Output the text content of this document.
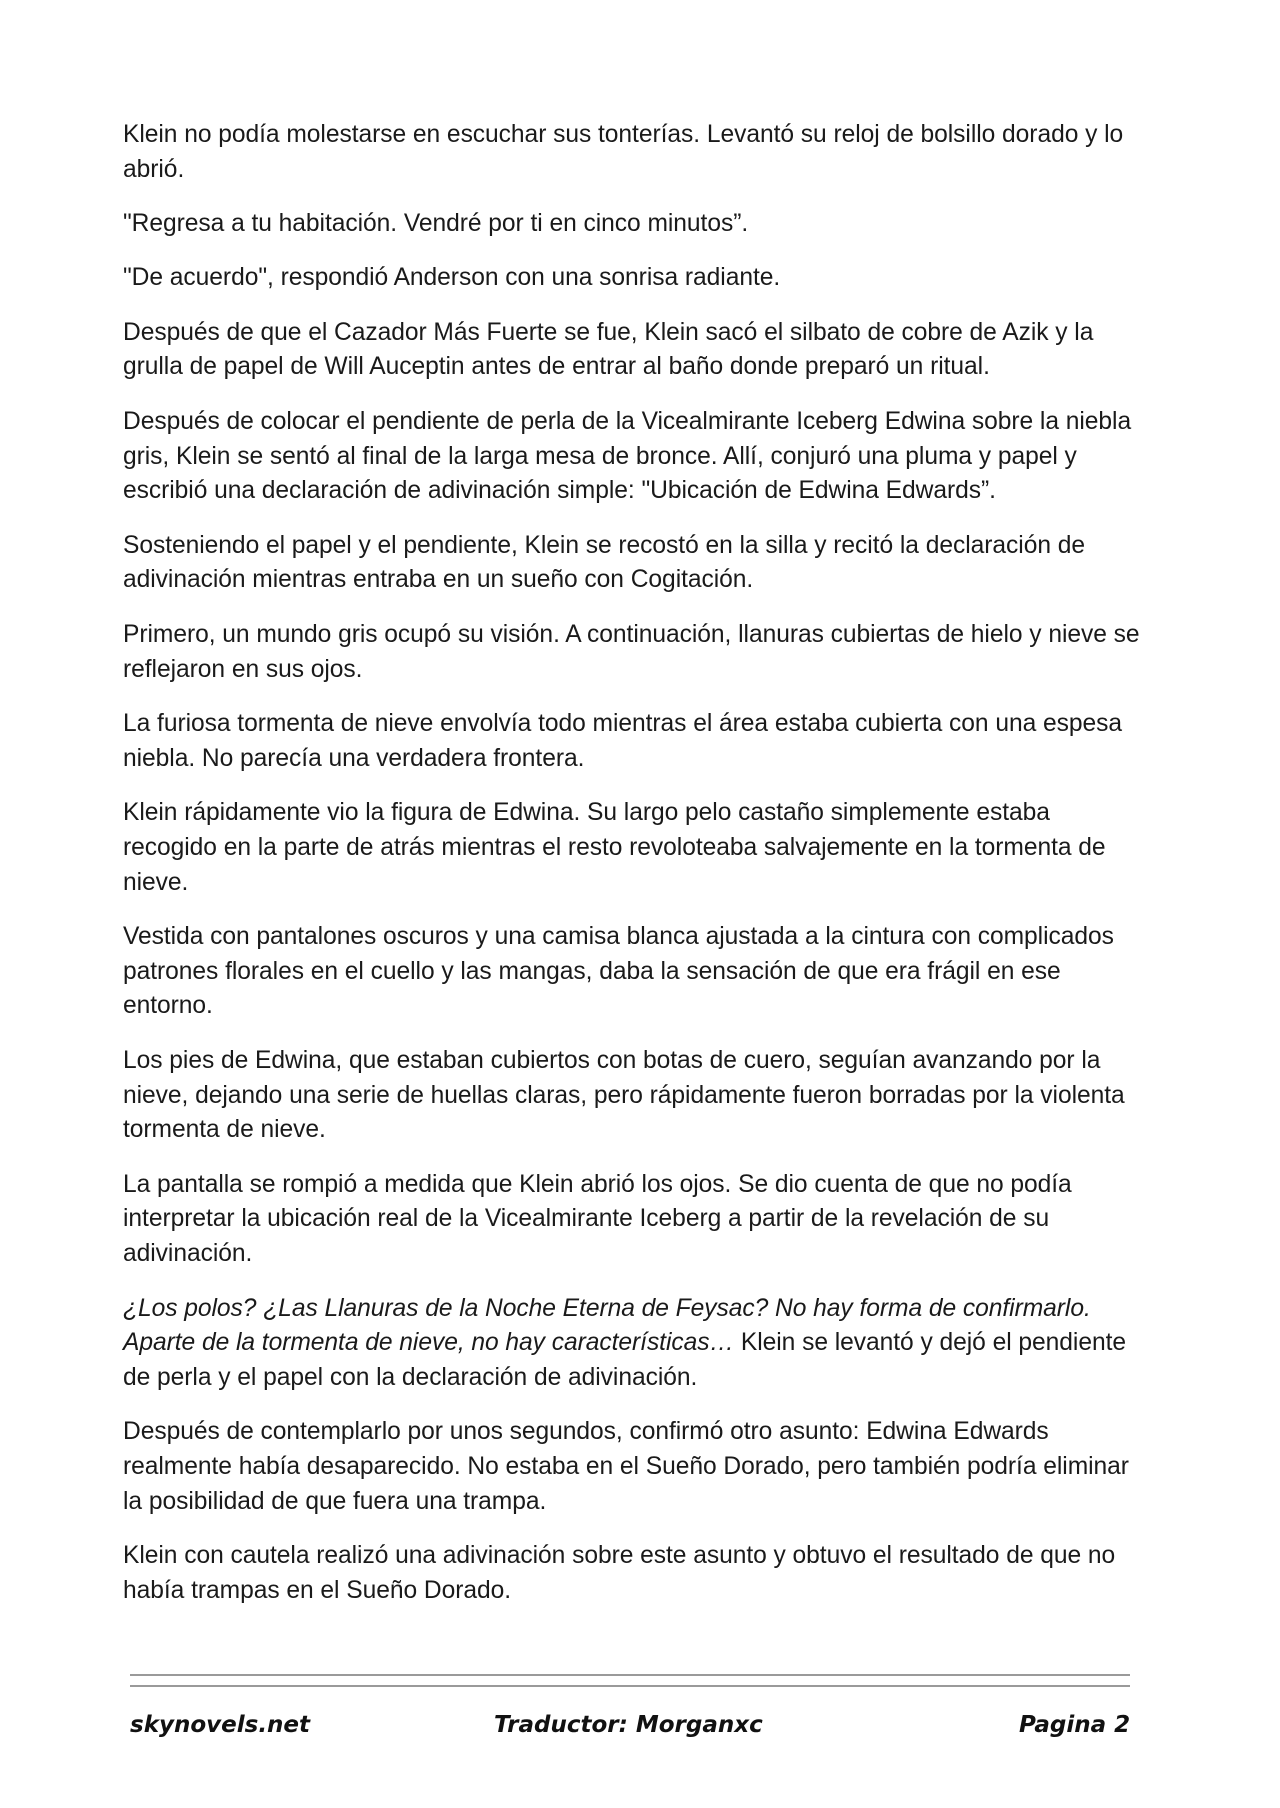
Klein no podía molestarse en escuchar sus tonterías. Levantó su reloj de bolsillo dorado y lo abrió.

"Regresa a tu habitación. Vendré por ti en cinco minutos”.

"De acuerdo", respondió Anderson con una sonrisa radiante.

Después de que el Cazador Más Fuerte se fue, Klein sacó el silbato de cobre de Azik y la grulla de papel de Will Auceptin antes de entrar al baño donde preparó un ritual.

Después de colocar el pendiente de perla de la Vicealmirante Iceberg Edwina sobre la niebla gris, Klein se sentó al final de la larga mesa de bronce. Allí, conjuró una pluma y papel y escribió una declaración de adivinación simple: "Ubicación de Edwina Edwards”.

Sosteniendo el papel y el pendiente, Klein se recostó en la silla y recitó la declaración de adivinación mientras entraba en un sueño con Cogitación.

Primero, un mundo gris ocupó su visión. A continuación, llanuras cubiertas de hielo y nieve se reflejaron en sus ojos.

La furiosa tormenta de nieve envolvía todo mientras el área estaba cubierta con una espesa niebla. No parecía una verdadera frontera.

Klein rápidamente vio la figura de Edwina. Su largo pelo castaño simplemente estaba recogido en la parte de atrás mientras el resto revoloteaba salvajemente en la tormenta de nieve.

Vestida con pantalones oscuros y una camisa blanca ajustada a la cintura con complicados patrones florales en el cuello y las mangas, daba la sensación de que era frágil en ese entorno.

Los pies de Edwina, que estaban cubiertos con botas de cuero, seguían avanzando por la nieve, dejando una serie de huellas claras, pero rápidamente fueron borradas por la violenta tormenta de nieve.

La pantalla se rompió a medida que Klein abrió los ojos. Se dio cuenta de que no podía interpretar la ubicación real de la Vicealmirante Iceberg a partir de la revelación de su adivinación.

¿Los polos? ¿Las Llanuras de la Noche Eterna de Feysac? No hay forma de confirmarlo. Aparte de la tormenta de nieve, no hay características… Klein se levantó y dejó el pendiente de perla y el papel con la declaración de adivinación.

Después de contemplarlo por unos segundos, confirmó otro asunto: Edwina Edwards realmente había desaparecido. No estaba en el Sueño Dorado, pero también podría eliminar la posibilidad de que fuera una trampa.

Klein con cautela realizó una adivinación sobre este asunto y obtuvo el resultado de que no había trampas en el Sueño Dorado.

skynovels.net	Traductor: Morganxc	Pagina 2
